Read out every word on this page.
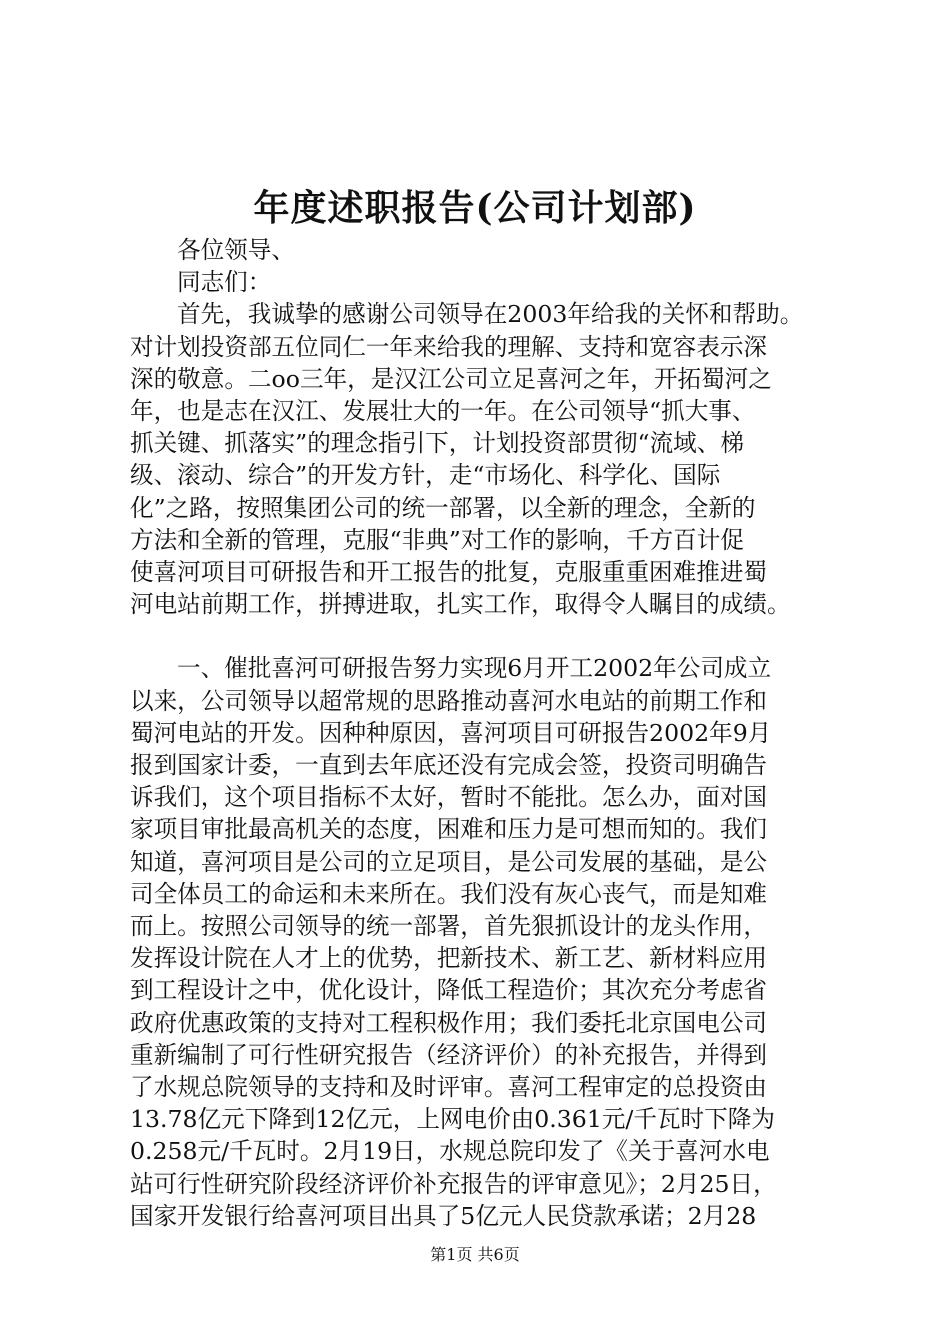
年度述职报告(公司计划部)
各位领导、
同志们：
首先，我诚挚的感谢公司领导在2003年给我的关怀和帮助。
对计划投资部五位同仁一年来给我的理解、支持和宽容表示深
深的敬意。二oo三年，是汉江公司立足喜河之年，开拓蜀河之
年，也是志在汉江、发展壮大的一年。在公司领导“抓大事、
抓关键、抓落实”的理念指引下，计划投资部贯彻“流域、梯
级、滚动、综合”的开发方针，走“市场化、科学化、国际
化”之路，按照集团公司的统一部署，以全新的理念，全新的
方法和全新的管理，克服“非典”对工作的影响，千方百计促
使喜河项目可研报告和开工报告的批复，克服重重困难推进蜀
河电站前期工作，拼搏进取，扎实工作，取得令人瞩目的成绩。
一、催批喜河可研报告努力实现6月开工2002年公司成立
以来，公司领导以超常规的思路推动喜河水电站的前期工作和
蜀河电站的开发。因种种原因，喜河项目可研报告2002年9月
报到国家计委，一直到去年底还没有完成会签，投资司明确告
诉我们，这个项目指标不太好，暂时不能批。怎么办，面对国
家项目审批最高机关的态度，困难和压力是可想而知的。我们
知道，喜河项目是公司的立足项目，是公司发展的基础，是公
司全体员工的命运和未来所在。我们没有灰心丧气，而是知难
而上。按照公司领导的统一部署，首先狠抓设计的龙头作用，
发挥设计院在人才上的优势，把新技术、新工艺、新材料应用
到工程设计之中，优化设计，降低工程造价；其次充分考虑省
政府优惠政策的支持对工程积极作用；我们委托北京国电公司
重新编制了可行性研究报告（经济评价）的补充报告，并得到
了水规总院领导的支持和及时评审。喜河工程审定的总投资由
13.78亿元下降到12亿元，上网电价由0.361元/千瓦时下降为
0.258元/千瓦时。2月19日，水规总院印发了《关于喜河水电
站可行性研究阶段经济评价补充报告的评审意见》；2月25日，
国家开发银行给喜河项目出具了5亿元人民贷款承诺；2月28
第1页 共6页
